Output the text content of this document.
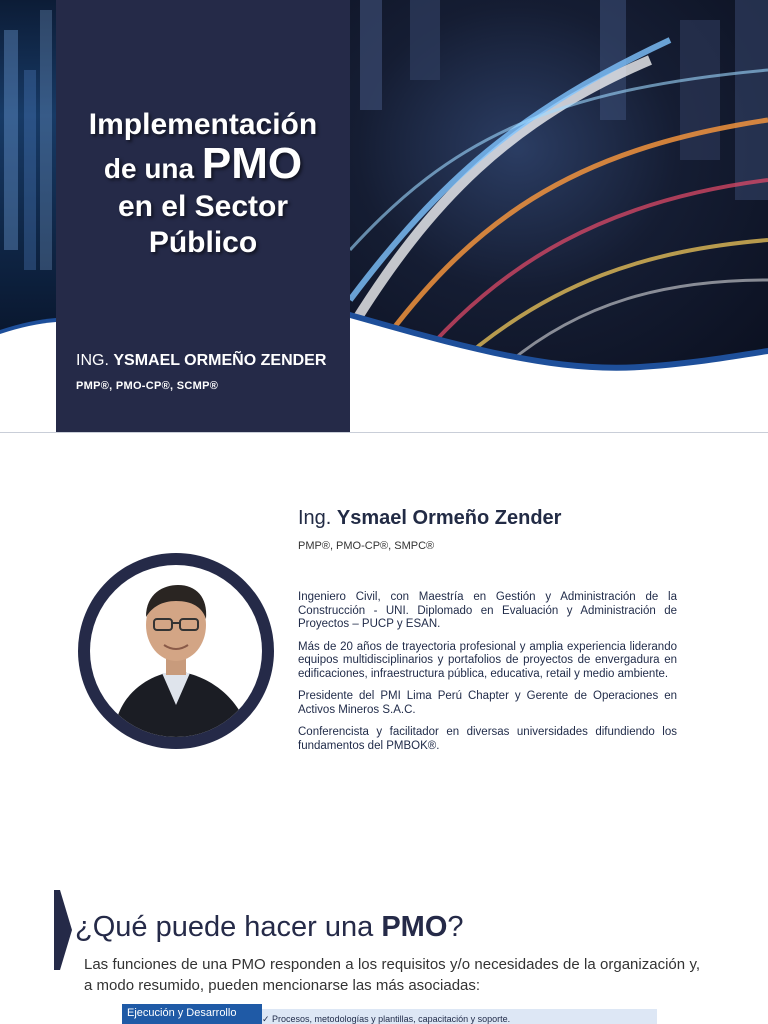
Implementación
de una PMO
en el Sector
Público
ING. YSMAEL ORMEÑO ZENDER
PMP®, PMO-CP®, SCMP®
Ing. Ysmael Ormeño Zender
PMP®, PMO-CP®, SMPC®

Ingeniero Civil, con Maestría en Gestión y Administración de la Construcción - UNI. Diplomado en Evaluación y Administración de Proyectos – PUCP y ESAN.

Más de 20 años de trayectoria profesional y amplia experiencia liderando equipos multidisciplinarios y portafolios de proyectos de envergadura en edificaciones, infraestructura pública, educativa, retail y medio ambiente.

Presidente del PMI Lima Perú Chapter y Gerente de Operaciones en Activos Mineros S.A.C.

Conferencista y facilitador en diversas universidades difundiendo los fundamentos del PMBOK®.

¿Qué puede hacer una PMO?
Las funciones de una PMO responden a los requisitos y/o necesidades de la organización y, a modo resumido, pueden mencionarse las más asociadas:
✓ Procesos, metodologías y plantillas, capacitación y soporte.
Ejecución y Desarrollo
